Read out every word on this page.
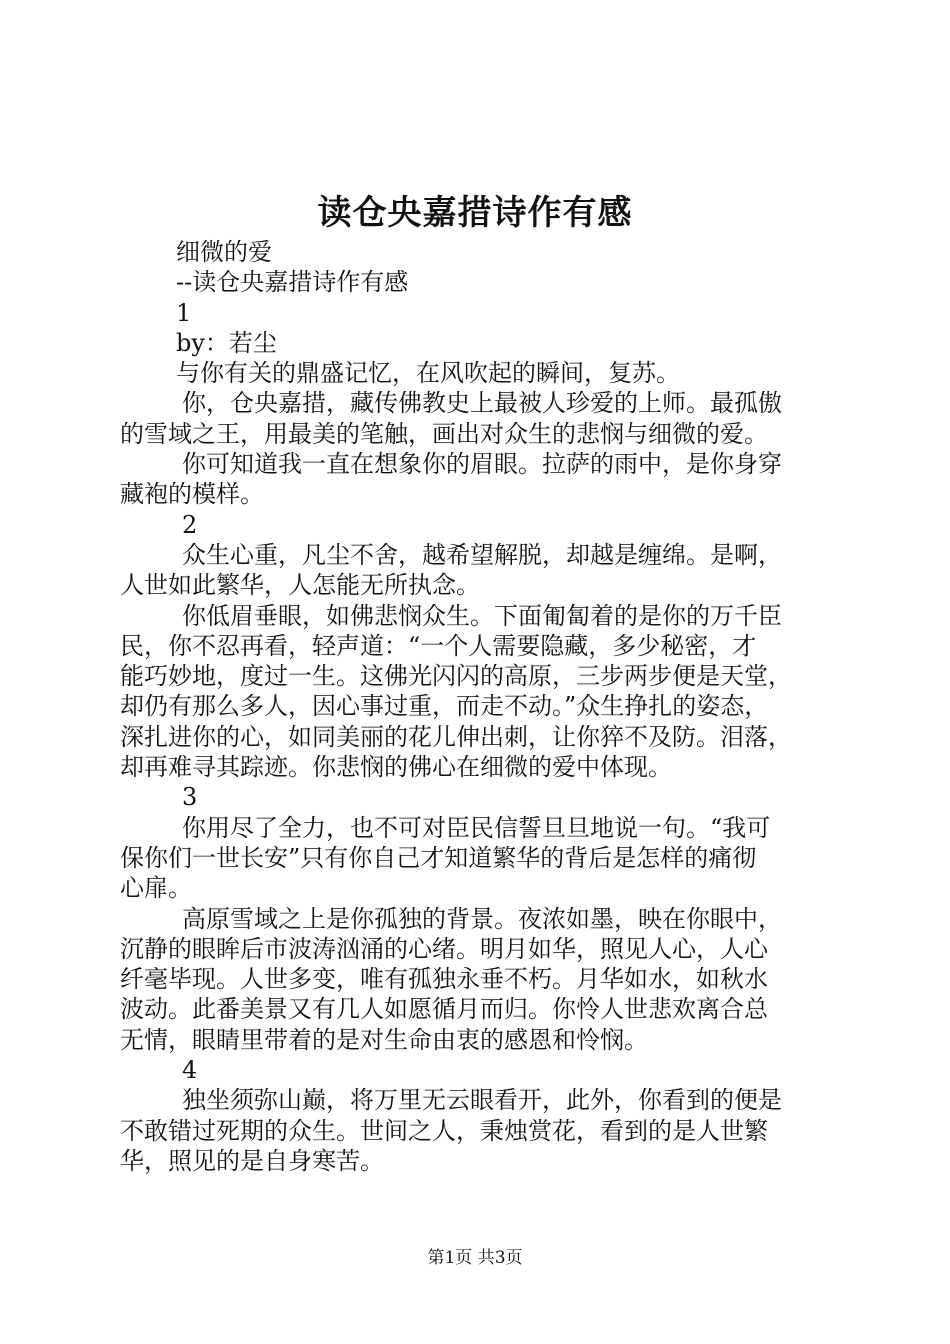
读仓央嘉措诗作有感
细微的爱
--读仓央嘉措诗作有感
1
by：若尘
与你有关的鼎盛记忆，在风吹起的瞬间，复苏。
你，仓央嘉措，藏传佛教史上最被人珍爱的上师。最孤傲
的雪域之王，用最美的笔触，画出对众生的悲悯与细微的爱。
你可知道我一直在想象你的眉眼。拉萨的雨中，是你身穿
藏袍的模样。
2
众生心重，凡尘不舍，越希望解脱，却越是缠绵。是啊，
人世如此繁华，人怎能无所执念。
你低眉垂眼，如佛悲悯众生。下面匍匐着的是你的万千臣
民，你不忍再看，轻声道：“一个人需要隐藏，多少秘密，才
能巧妙地，度过一生。这佛光闪闪的高原，三步两步便是天堂，
却仍有那么多人，因心事过重，而走不动。”众生挣扎的姿态，
深扎进你的心，如同美丽的花儿伸出刺，让你猝不及防。泪落，
却再难寻其踪迹。你悲悯的佛心在细微的爱中体现。
3
你用尽了全力，也不可对臣民信誓旦旦地说一句。“我可
保你们一世长安”只有你自己才知道繁华的背后是怎样的痛彻
心扉。
高原雪域之上是你孤独的背景。夜浓如墨，映在你眼中，
沉静的眼眸后市波涛汹涌的心绪。明月如华，照见人心，人心
纤毫毕现。人世多变，唯有孤独永垂不朽。月华如水，如秋水
波动。此番美景又有几人如愿循月而归。你怜人世悲欢离合总
无情，眼睛里带着的是对生命由衷的感恩和怜悯。
4
独坐须弥山巅，将万里无云眼看开，此外，你看到的便是
不敢错过死期的众生。世间之人，秉烛赏花，看到的是人世繁
华，照见的是自身寒苦。
第1页 共3页
